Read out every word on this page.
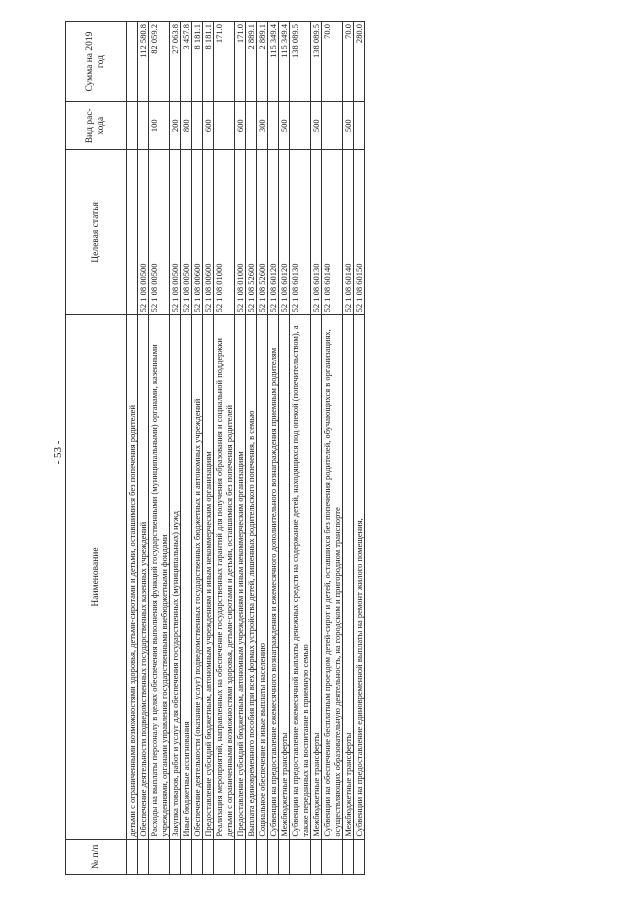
- 53 -
№ п/п	Наименование	Целевая статья	Вид рас-хода	Сумма на 2019 год
	детьми с ограниченными возможностями здоровья, детьми-сиротами и детьми, оставшимися без попечения родителей			
	Обеспечение деятельности подведомственных государственных казенных учреждений	52 1 08 00500		112 580.8
	Расходы на выплаты персоналу в целях обеспечения выполнения функций государственными (муниципальными) органами, казенными учреждениями, органами управления государственными внебюджетными фондами	52 1 08 00500	100	82 059.2
	Закупка товаров, работ и услуг для обеспечения государственных (муниципальных) нужд	52 1 08 00500	200	27 063.8
	Иные бюджетные ассигнования	52 1 08 00500	800	3 457.8
	Обеспечение деятельности (оказание услуг) подведомственных государственных бюджетных и автономных учреждений	52 1 08 00600		8 181.1
	Предоставление субсидий бюджетным, автономным учреждениям и иным некоммерческим организациям	52 1 08 00600	600	8 181.1
	Реализация мероприятий, направленных на обеспечение государственных гарантий для получения образования и социальной поддержки детьми с ограниченными возможностями здоровья, детьми-сиротами и детьми, оставшимися без попечения родителей	52 1 08 01000		171.0
	Предоставление субсидий бюджетным, автономным учреждениям и иным некоммерческим организациям	52 1 08 01000	600	171.0
	Выплата единовременного пособия при всех формах устройства детей, лишенных родительского попечения, в семью	52 1 08 52600		2 889.1
	Социальное обеспечение и иные выплаты населению	52 1 08 52600	300	2 889.1
	Субвенции на предоставление ежемесячного вознаграждения и ежемесячного дополнительного вознаграждения приемным родителям	52 1 08 60120		115 349.4
	Межбюджетные трансферты	52 1 08 60120	500	115 349.4
	Субвенции на предоставление ежемесячной выплаты денежных средств на содержание детей, находящихся под опекой (попечительством), а также переданных на воспитание в приемную семью	52 1 08 60130		138 089.5
	Межбюджетные трансферты	52 1 08 60130	500	138 089.5
	Субвенции на обеспечение бесплатным проездом детей-сирот и детей, оставшихся без попечения родителей, обучающихся в организациях, осуществляющих образовательную деятельность, на городском и пригородном транспорте	52 1 08 60140		70.0
	Межбюджетные трансферты	52 1 08 60140	500	70.0
	Субвенции на предоставление единовременной выплаты на ремонт жилого помещения,	52 1 08 60150		280.0
